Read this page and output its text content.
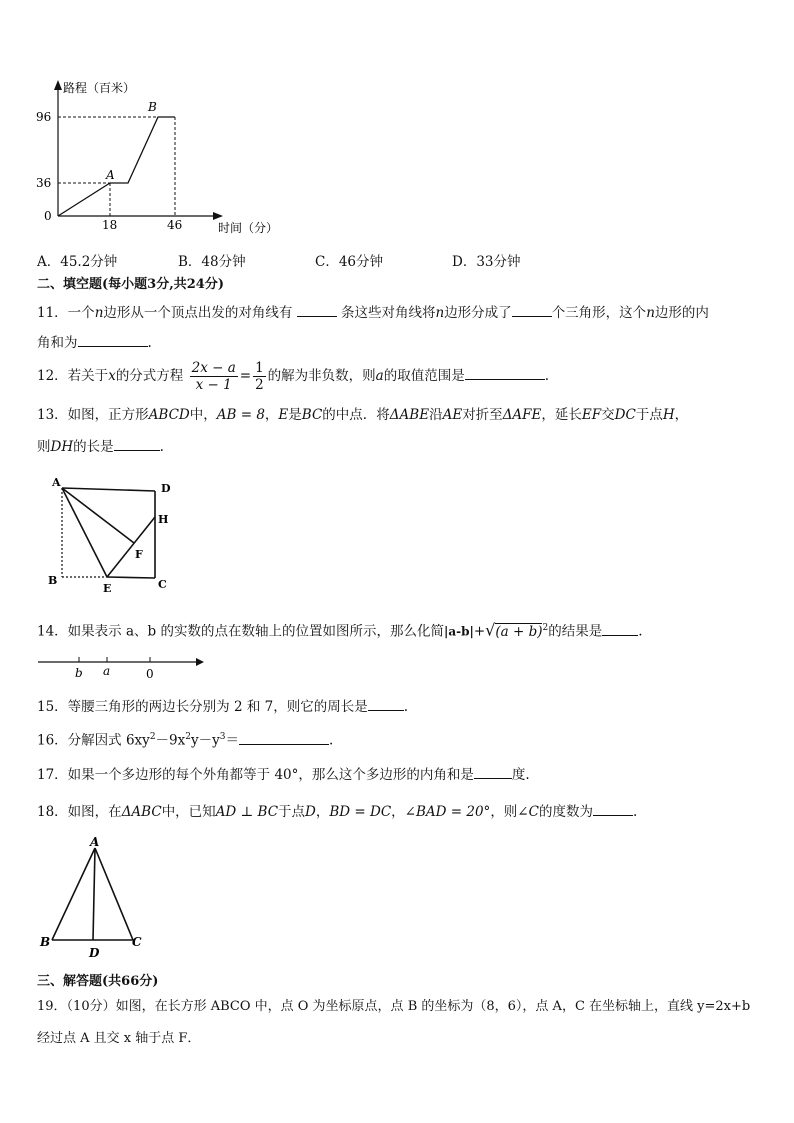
路程（百米）
时间（分）
0
96
36
18	46
A
B
A．45.2分钟	B．48分钟	C．46分钟	D．33分钟
二、填空题(每小题3分,共24分)
11．一个n边形从一个顶点出发的对角线有	条这些对角线将n边形分成了	个三角形，这个n边形的内
角和为	.
12．若关于x的分式方程 $\frac{2x - a}{x - 1} = \frac{1}{2}$ 的解为非负数，则a的取值范围是	.
13．如图，正方形ABCD中，AB = 8，E是BC的中点．将ΔABE沿AE对折至ΔAFE，延长EF交DC于点H，
则DH的长是	.
A	D
H
F
B
E	C
14．如果表示 a、b 的实数的点在数轴上的位置如图所示，那么化简$|a-b|+√(a + b)^2$的结果是	.
b a	0
15．等腰三角形的两边长分别为 2 和 7，则它的周长是	.
16．分解因式 $6xy^2-9x^2y-y^3=$	.
17．如果一个多边形的每个外角都等于 40°，那么这个多边形的内角和是	度.
18．如图，在ΔABC中，已知AD ⊥ BC于点D，BD = DC，∠BAD = 20°，则∠C的度数为	.
A
B
D
C
三、解答题(共66分)
19．（10分）如图，在长方形 ABCO 中，点 O 为坐标原点，点 B 的坐标为（8，6），点 A，C 在坐标轴上，直线 y=2x+b
经过点 A 且交 x 轴于点 F．
